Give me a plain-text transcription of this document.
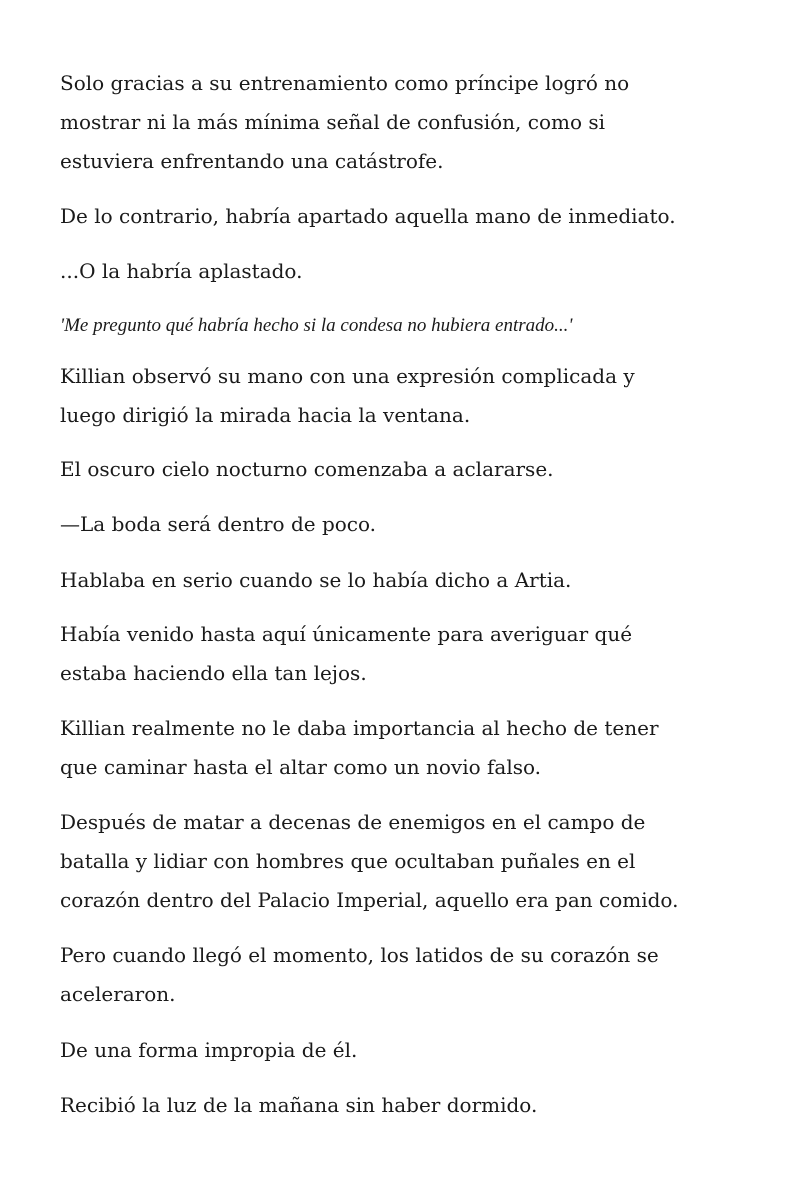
Solo gracias a su entrenamiento como príncipe logró no
mostrar ni la más mínima señal de confusión, como si
estuviera enfrentando una catástrofe.

De lo contrario, habría apartado aquella mano de inmediato.

...O la habría aplastado.

'Me pregunto qué habría hecho si la condesa no hubiera entrado...'

Killian observó su mano con una expresión complicada y
luego dirigió la mirada hacia la ventana.

El oscuro cielo nocturno comenzaba a aclararse.

—La boda será dentro de poco.

Hablaba en serio cuando se lo había dicho a Artia.

Había venido hasta aquí únicamente para averiguar qué
estaba haciendo ella tan lejos.

Killian realmente no le daba importancia al hecho de tener
que caminar hasta el altar como un novio falso.

Después de matar a decenas de enemigos en el campo de
batalla y lidiar con hombres que ocultaban puñales en el
corazón dentro del Palacio Imperial, aquello era pan comido.

Pero cuando llegó el momento, los latidos de su corazón se
aceleraron.

De una forma impropia de él.

Recibió la luz de la mañana sin haber dormido.
